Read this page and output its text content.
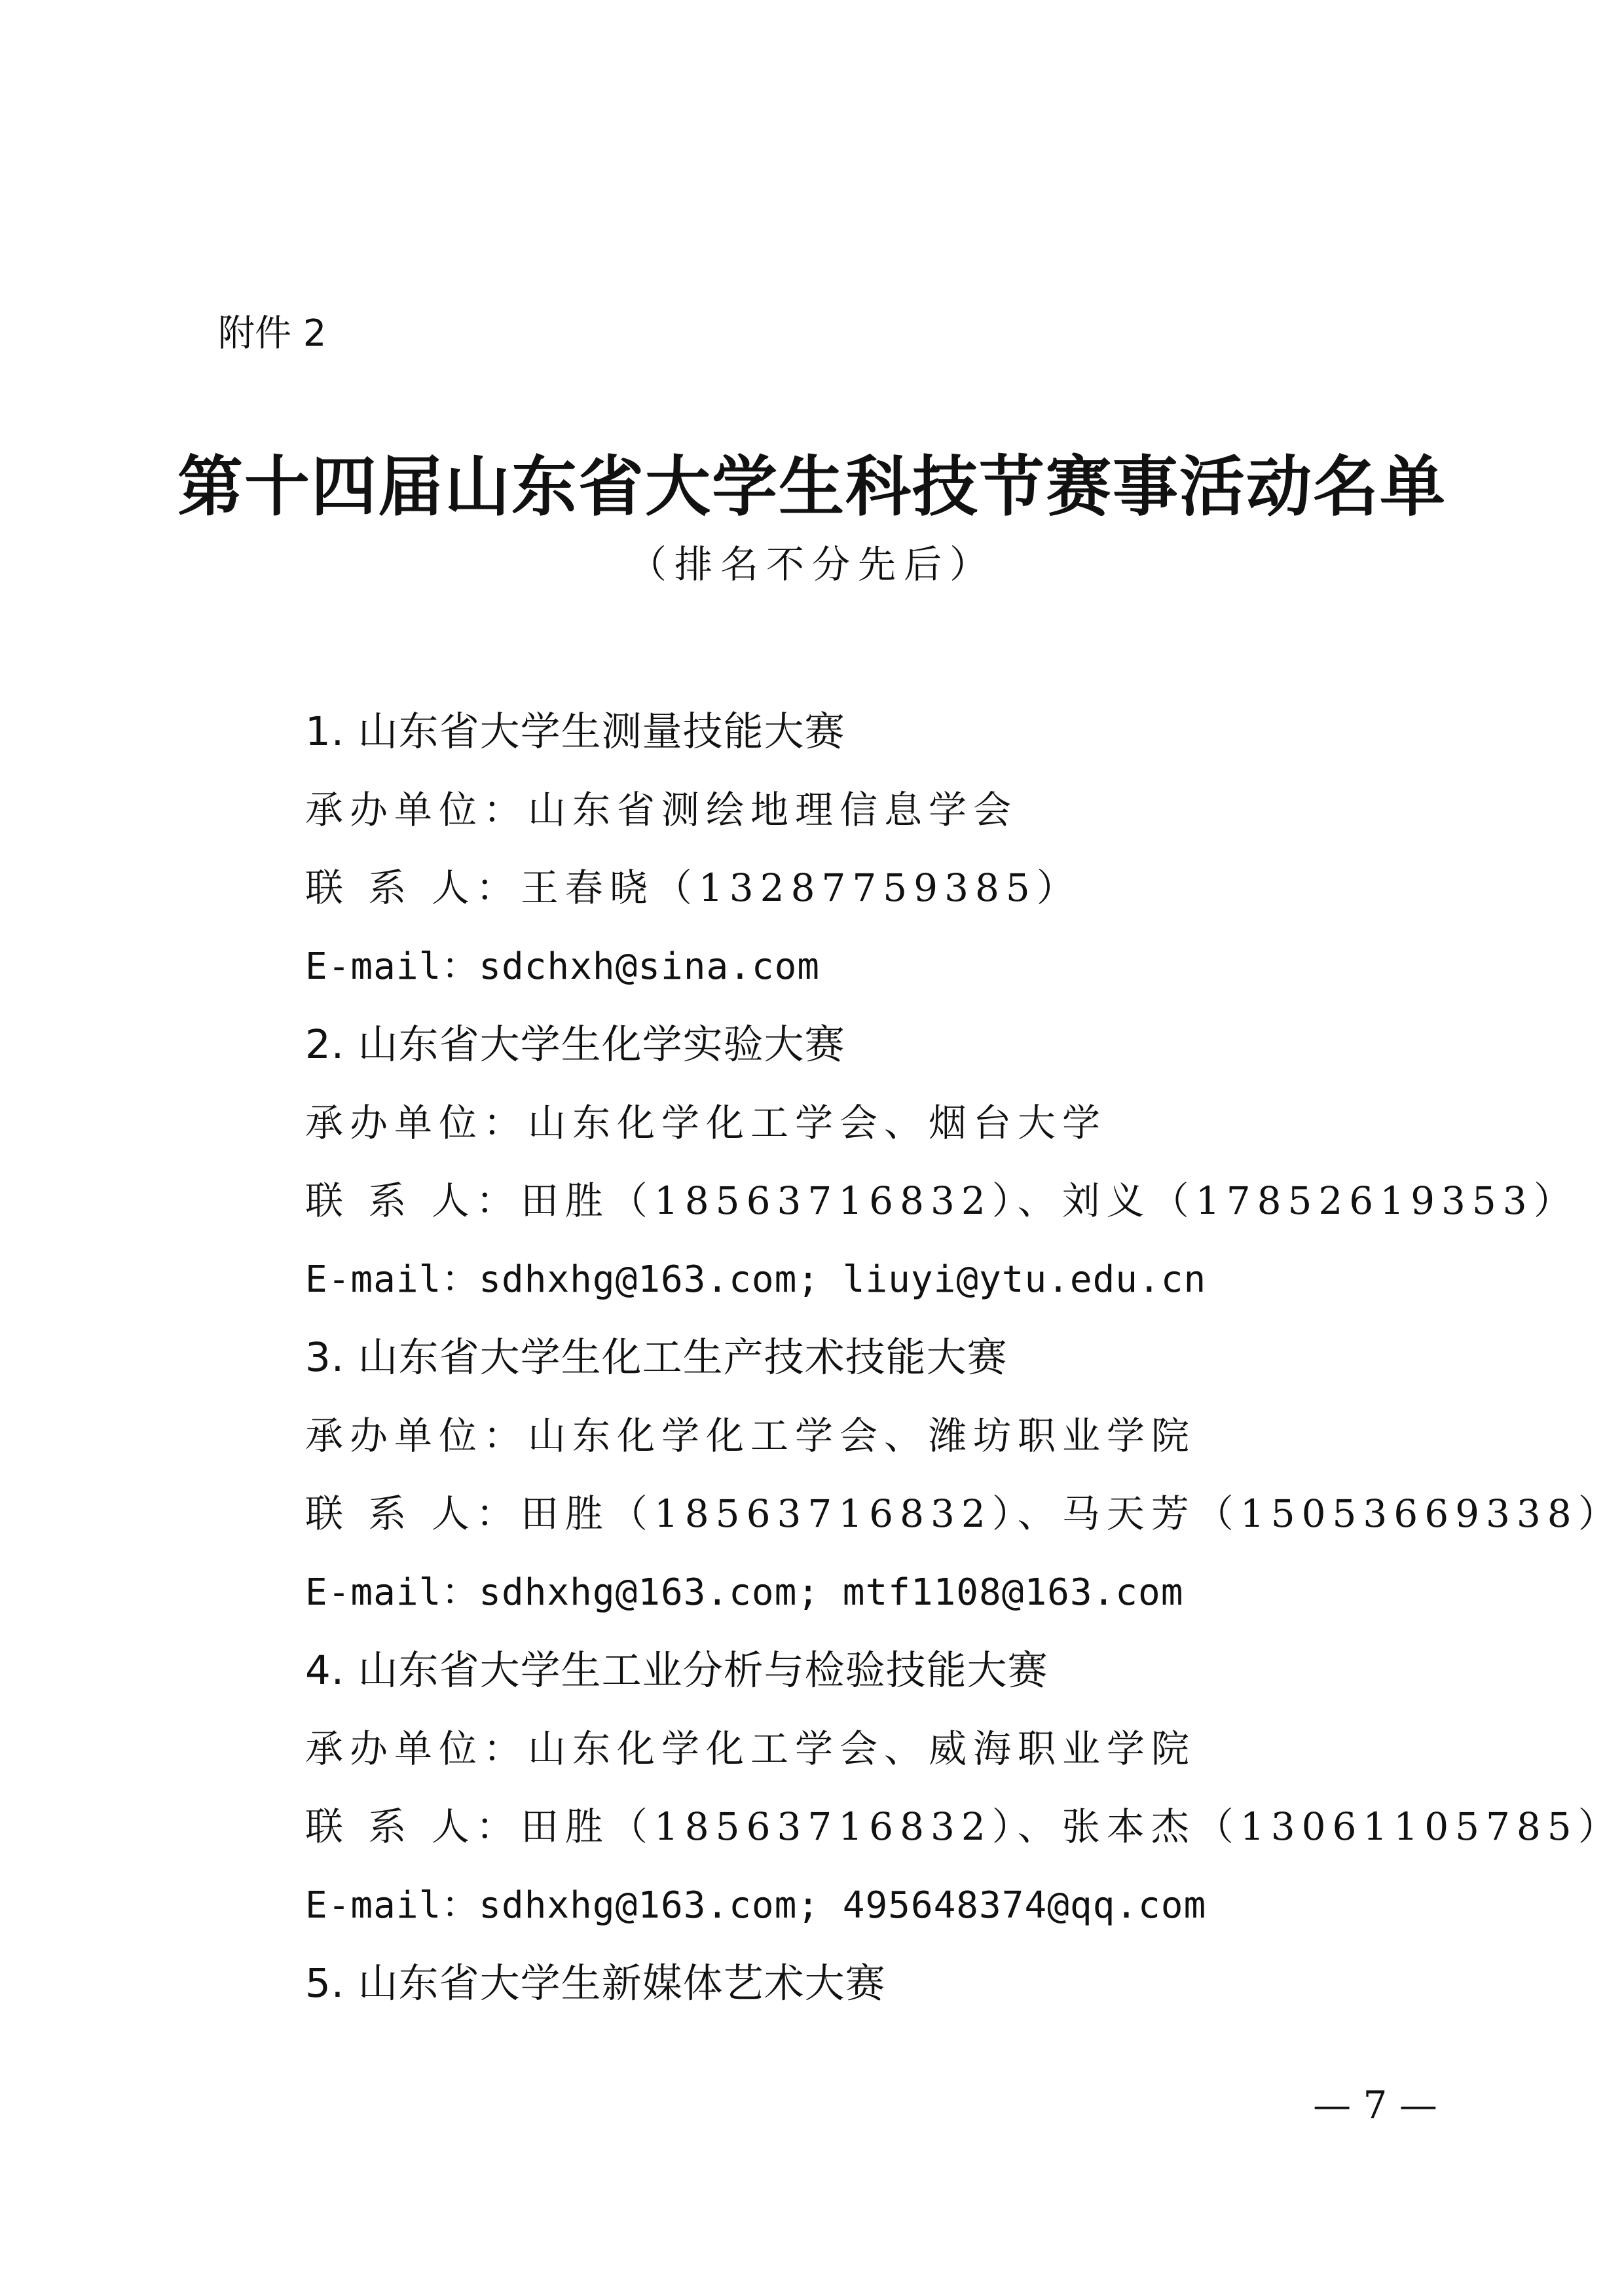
附件 2
第十四届山东省大学生科技节赛事活动名单
（排名不分先后）
1. 山东省大学生测量技能大赛
承办单位：山东省测绘地理信息学会
联 系 人：王春晓（13287759385）
E-mail：sdchxh@sina.com
2. 山东省大学生化学实验大赛
承办单位：山东化学化工学会、烟台大学
联 系 人：田胜（18563716832）、刘义（17852619353）
E-mail：sdhxhg@163.com; liuyi@ytu.edu.cn
3. 山东省大学生化工生产技术技能大赛
承办单位：山东化学化工学会、潍坊职业学院
联 系 人：田胜（18563716832）、马天芳（15053669338）
E-mail：sdhxhg@163.com; mtf1108@163.com
4. 山东省大学生工业分析与检验技能大赛
承办单位：山东化学化工学会、威海职业学院
联 系 人：田胜（18563716832）、张本杰（13061105785）
E-mail：sdhxhg@163.com; 495648374@qq.com
5. 山东省大学生新媒体艺术大赛
— 7 —
